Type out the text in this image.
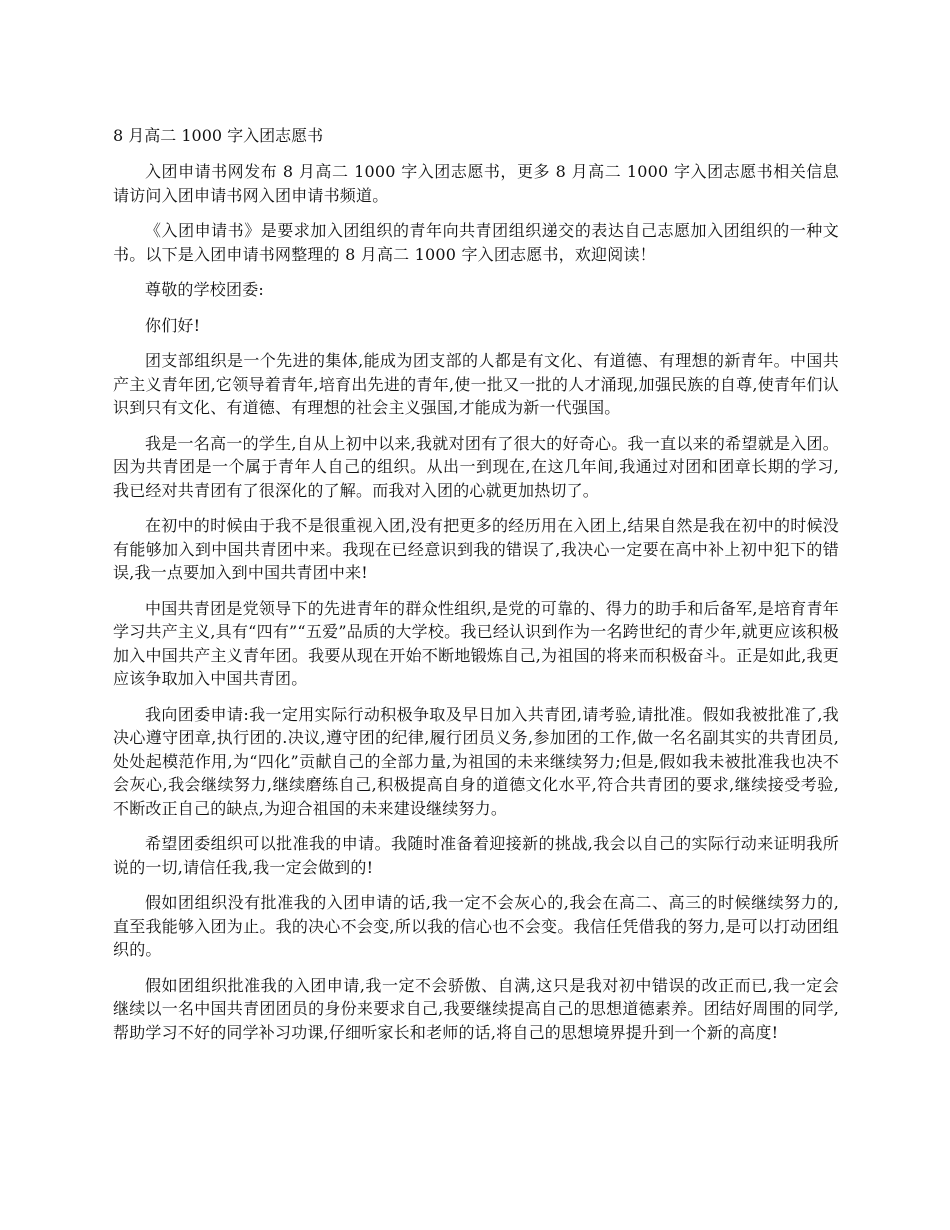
8 月高二 1000 字入团志愿书

入团申请书网发布 8 月高二 1000 字入团志愿书，更多 8 月高二 1000 字入团志愿书相关信息请访问入团申请书网入团申请书频道。

《入团申请书》是要求加入团组织的青年向共青团组织递交的表达自己志愿加入团组织的一种文书。以下是入团申请书网整理的 8 月高二 1000 字入团志愿书，欢迎阅读！

尊敬的学校团委:

你们好!

团支部组织是一个先进的集体,能成为团支部的人都是有文化、有道德、有理想的新青年。中国共产主义青年团,它领导着青年,培育出先进的青年,使一批又一批的人才涌现,加强民族的自尊,使青年们认识到只有文化、有道德、有理想的社会主义强国,才能成为新一代强国。

我是一名高一的学生,自从上初中以来,我就对团有了很大的好奇心。我一直以来的希望就是入团。因为共青团是一个属于青年人自己的组织。从出一到现在,在这几年间,我通过对团和团章长期的学习,我已经对共青团有了很深化的了解。而我对入团的心就更加热切了。

在初中的时候由于我不是很重视入团,没有把更多的经历用在入团上,结果自然是我在初中的时候没有能够加入到中国共青团中来。我现在已经意识到我的错误了,我决心一定要在高中补上初中犯下的错误,我一点要加入到中国共青团中来!

中国共青团是党领导下的先进青年的群众性组织,是党的可靠的、得力的助手和后备军,是培育青年学习共产主义,具有“四有”“五爱”品质的大学校。我已经认识到作为一名跨世纪的青少年,就更应该积极加入中国共产主义青年团。我要从现在开始不断地锻炼自己,为祖国的将来而积极奋斗。正是如此,我更应该争取加入中国共青团。

我向团委申请:我一定用实际行动积极争取及早日加入共青团,请考验,请批准。假如我被批准了,我决心遵守团章,执行团的.决议,遵守团的纪律,履行团员义务,参加团的工作,做一名名副其实的共青团员,处处起模范作用,为“四化”贡献自己的全部力量,为祖国的未来继续努力;但是,假如我未被批准我也决不会灰心,我会继续努力,继续磨练自己,积极提高自身的道德文化水平,符合共青团的要求,继续接受考验,不断改正自己的缺点,为迎合祖国的未来建设继续努力。

希望团委组织可以批准我的申请。我随时准备着迎接新的挑战,我会以自己的实际行动来证明我所说的一切,请信任我,我一定会做到的!

假如团组织没有批准我的入团申请的话,我一定不会灰心的,我会在高二、高三的时候继续努力的,直至我能够入团为止。我的决心不会变,所以我的信心也不会变。我信任凭借我的努力,是可以打动团组织的。

假如团组织批准我的入团申请,我一定不会骄傲、自满,这只是我对初中错误的改正而已,我一定会继续以一名中国共青团团员的身份来要求自己,我要继续提高自己的思想道德素养。团结好周围的同学,帮助学习不好的同学补习功课,仔细听家长和老师的话,将自己的思想境界提升到一个新的高度!
